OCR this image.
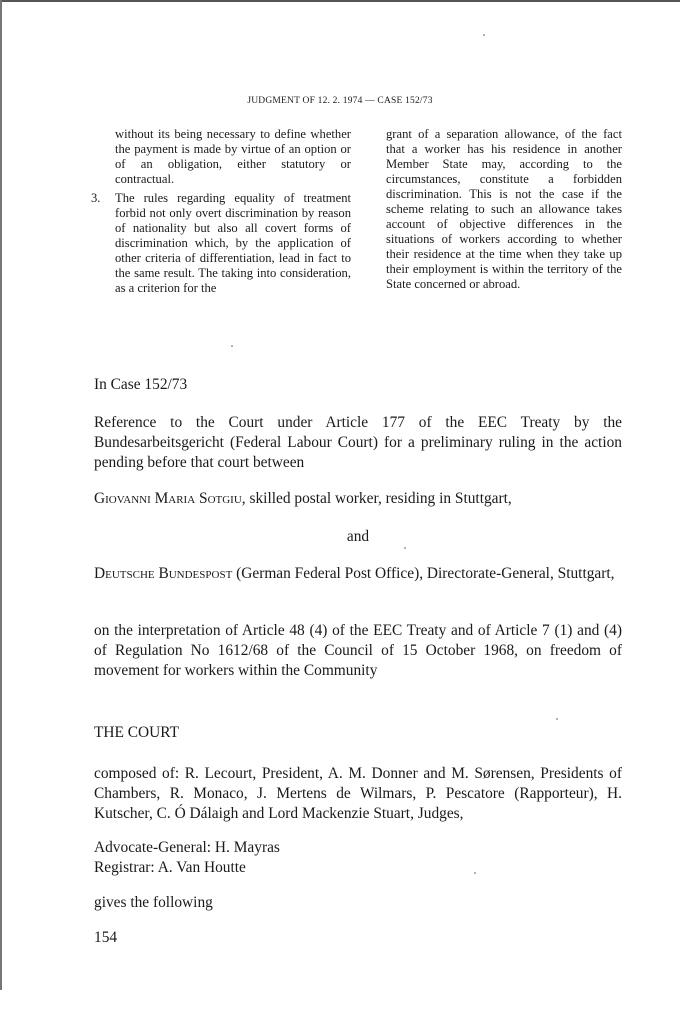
JUDGMENT OF 12. 2. 1974 — CASE 152/73

without its being necessary to define whether the payment is made by virtue of an option or of an obligation, either statutory or contractual.

3. The rules regarding equality of treatment forbid not only overt discrimination by reason of nationality but also all covert forms of discrimination which, by the application of other criteria of differentiation, lead in fact to the same result. The taking into consideration, as a criterion for the

grant of a separation allowance, of the fact that a worker has his residence in another Member State may, according to the circumstances, constitute a forbidden discrimination. This is not the case if the scheme relating to such an allowance takes account of objective differences in the situations of workers according to whether their residence at the time when they take up their employment is within the territory of the State concerned or abroad.

In Case 152/73
Reference to the Court under Article 177 of the EEC Treaty by the Bundesarbeitsgericht (Federal Labour Court) for a preliminary ruling in the action pending before that court between
Giovanni Maria Sotgiu, skilled postal worker, residing in Stuttgart,
and
Deutsche Bundespost (German Federal Post Office), Directorate-General, Stuttgart,
on the interpretation of Article 48 (4) of the EEC Treaty and of Article 7 (1) and (4) of Regulation No 1612/68 of the Council of 15 October 1968, on freedom of movement for workers within the Community
THE COURT
composed of: R. Lecourt, President, A. M. Donner and M. Sørensen, Presidents of Chambers, R. Monaco, J. Mertens de Wilmars, P. Pescatore (Rapporteur), H. Kutscher, C. Ó Dálaigh and Lord Mackenzie Stuart, Judges,

Advocate-General: H. Mayras

Registrar: A. Van Houtte

gives the following
154
